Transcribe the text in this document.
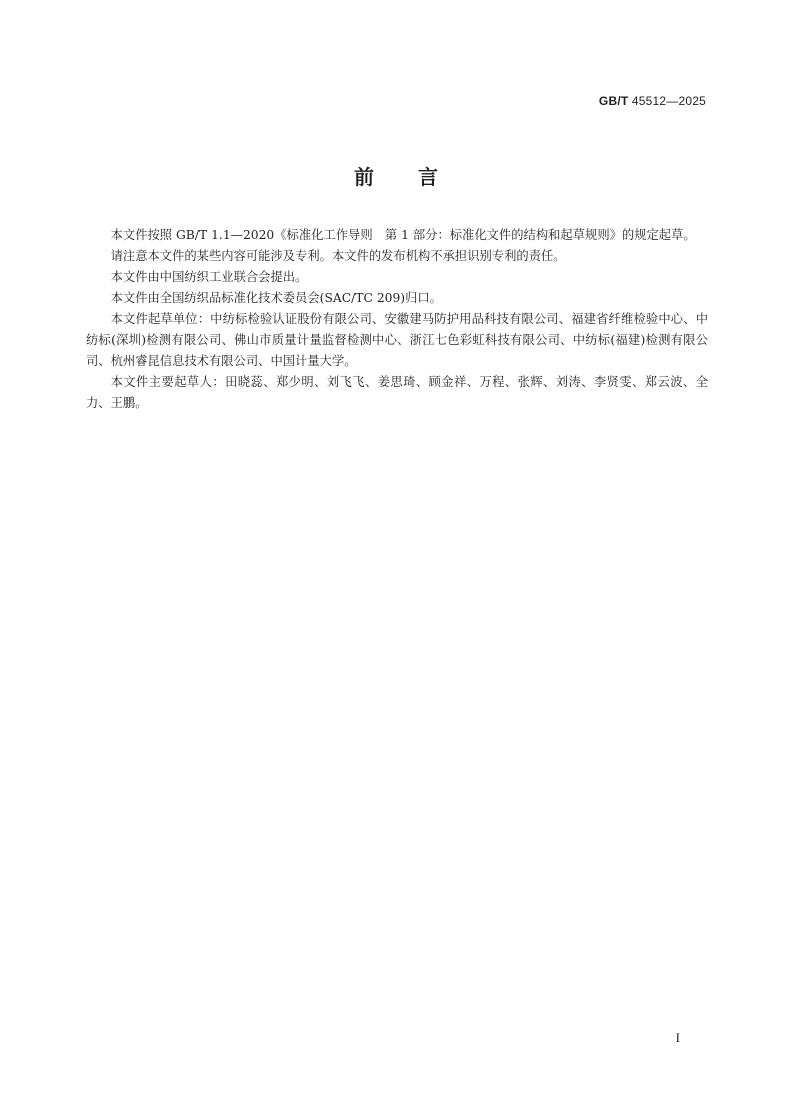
GB/T 45512—2025
前言

本文件按照 GB/T 1.1—2020《标准化工作导则　第 1 部分：标准化文件的结构和起草规则》的规定起草。

请注意本文件的某些内容可能涉及专利。本文件的发布机构不承担识别专利的责任。

本文件由中国纺织工业联合会提出。

本文件由全国纺织品标准化技术委员会(SAC/TC 209)归口。

本文件起草单位：中纺标检验认证股份有限公司、安徽建马防护用品科技有限公司、福建省纤维检验中心、中纺标(深圳)检测有限公司、佛山市质量计量监督检测中心、浙江七色彩虹科技有限公司、中纺标(福建)检测有限公司、杭州睿昆信息技术有限公司、中国计量大学。

本文件主要起草人：田晓蕊、郑少明、刘飞飞、姜思琦、顾金祥、万程、张辉、刘涛、李贤雯、郑云波、全力、王鹏。

I
